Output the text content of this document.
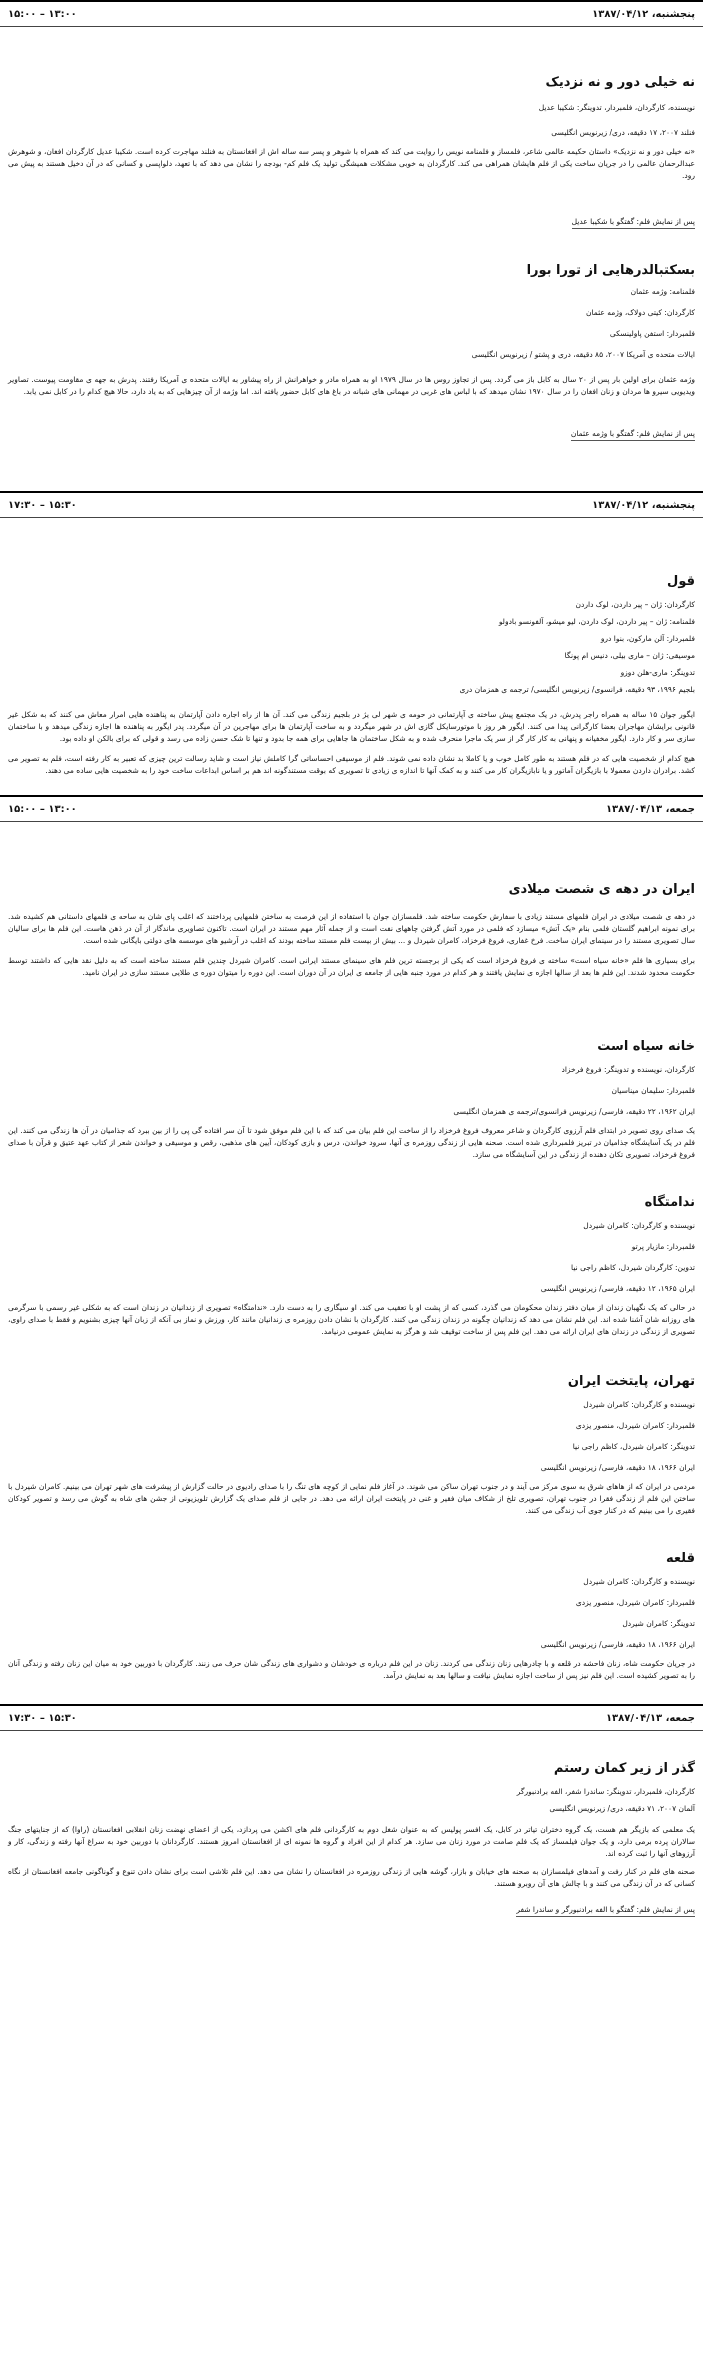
پنجشنبه، ۱۳۸۷/۰۴/۱۲
۱۵:۰۰ – ۱۳:۰۰
نه خیلی دور و نه نزدیک

نویسنده، کارگردان، فلمبردار، تدوینگر: شکیبا عدیل

فنلند ۲۰۰۷، ۱۷ دقیقه، دری/ زیرنویس انگلیسی

«نه خیلی دور و نه نزدیک» داستان حکیمه عالمی شاعر، فلمساز و فلمنامه نویس را روایت می کند که همراه با شوهر و پسر سه ساله اش از افغانستان به فنلند مهاجرت کرده است. شکیبا عدیل کارگردان افغان، و شوهرش عبدالرحمان عالمی را در جریان ساخت یکی از فلم هایشان همراهی می کند. کارگردان به خوبی مشکلات همیشگی تولید یک فلم کم- بودجه را نشان می دهد که با تعهد، دلواپسی و کسانی که در آن دخیل هستند به پیش می رود.

پس از نمایش فلم: گفتگو با شکیبا عدیل
بسکتبالدرهایی از تورا بورا

فلمنامه: وژمه عثمان

کارگردان: کیتی دولاک، وژمه عثمان

فلمبردار: استفن پاولینسکی

ایالات متحده ی آمریکا ۲۰۰۷، ۸۵ دقیقه، دری و پشتو / زیرنویس انگلیسی

وژمه عثمان برای اولین بار پس از ۲۰ سال به کابل باز می گردد. پس از تجاوز روس ها در سال ۱۹۷۹ او به همراه مادر و خواهرانش از راه پیشاور به ایالات متحده ی آمریکا رفتند. پدرش به جهه ی مقاومت پیوست. تصاویر ویدیویی سیرو ها مردان و زنان افغان را در سال ۱۹۷۰ نشان میدهد که با لباس های غربی در مهمانی های شبانه در باغ های کابل حضور یافته اند. اما وژمه از آن چیزهایی که به یاد دارد، حالا هیچ کدام را در کابل نمی یابد.

پس از نمایش فلم: گفتگو با وژمه عثمان
پنجشنبه، ۱۳۸۷/۰۴/۱۲
۱۷:۳۰ – ۱۵:۳۰
قول

کارگردان: ژان – پیر داردن، لوک داردن

فلمنامه: ژان – پیر داردن، لوک داردن، لیو میشو، آلفونسو بادولو

فلمبردار: آلن مارکون، بنوا درو

موسیقی: ژان – ماری بیلی، دنیس ام پونگا

تدوینگر: ماری-هلن دوزو

بلجیم ۱۹۹۶، ۹۳ دقیقه، فرانسوی/ زیرنویس انگلیسی/ ترجمه ی همزمان دری

ایگور جوان ۱۵ ساله به همراه راجر پدرش، در یک مجتمع پیش ساخته ی آپارتمانی در حومه ی شهر لی یژ در بلجیم زندگی می کند. آن ها از راه اجاره دادن آپارتمان به پناهنده هایی امرار معاش می کنند که به شکل غیر قانونی برایشان مهاجران بعضا کارگرانی پیدا می کنند. ایگور هر روز با موتورسایکل گازی اش در شهر میگردد و به ساخت آپارتمان ها برای مهاجرین در آن میگردد. پدر ایگور به پناهنده ها اجازه زندگی میدهد و با ساختمان سازی سر و کار دارد. ایگور مخفیانه و پنهانی به کار کار گر از سر یک ماجرا منحرف شده و به شکل ساختمان ها جاهایی برای همه جا بدود و تنها تا شک حسن زاده می رسد و قولی که برای بالکن او داده بود.

هیچ کدام از شخصیت هایی که در فلم هستند به طور کامل خوب و یا کاملا بد نشان داده نمی شوند. فلم از موسیقی احساساتی گرا کاملش نیاز است و شاید رسالت ترین چیزی که تعبیر به کار رفته است، فلم به تصویر می کشد. برادران داردن معمولا با بازیگران آماتور و یا نابازیگران کار می کنند و به کمک آنها تا اندازه ی زیادی تا تصویری که بوقت مستندگونه اند هم بر اساس ابداعات ساخت خود را به شخصیت هایی ساده می دهند.

جمعه، ۱۳۸۷/۰۴/۱۳
۱۵:۰۰ – ۱۳:۰۰
ایران در دهه ی شصت میلادی

در دهه ی شصت میلادی در ایران فلمهای مستند زیادی با سفارش حکومت ساخته شد. فلمسازان جوان با استفاده از این فرصت به ساختن فلمهایی پرداختند که اغلب پای شان به ساحه ی فلمهای داستانی هم کشیده شد. برای نمونه ابراهیم گلستان فلمی بنام «یک آتش» میسازد که فلمی در مورد آتش گرفتن چاههای نفت است و از جمله آثار مهم مستند در ایران است. تاکنون تصاویری ماندگار از آن در ذهن هاست. این فلم ها برای سالیان سال تصویری مستند را در سینمای ایران ساخت. فرخ غفاری، فروغ فرخزاد، کامران شیردل و ... بیش از بیست فلم مستند ساخته بودند که اغلب در آرشیو های موسسه های دولتی بایگانی شده است.

برای بسیاری ها فلم «خانه سیاه است» ساخته ی فروغ فرخزاد است که یکی از برجسته ترین فلم های سینمای مستند ایرانی است. کامران شیردل چندین فلم مستند ساخته است که به دلیل نقد هایی که داشتند توسط حکومت محدود شدند. این فلم ها بعد از سالها اجازه ی نمایش یافتند و هر کدام در مورد جنبه هایی از جامعه ی ایران در آن دوران است. این دوره را میتوان دوره ی طلایی مستند سازی در ایران نامید.

خانه سیاه است

کارگردان، نویسنده و تدوینگر: فروغ فرخزاد

فلمبردار: سلیمان میناسیان

ایران ۱۹۶۲، ۲۲ دقیقه، فارسی/ زیرنویس فرانسوی/ترجمه ی همزمان انگلیسی

یک صدای روی تصویر در ابتدای فلم آرزوی کارگردان و شاعر معروف فروغ فرخزاد را از ساخت این فلم بیان می کند که با این فلم موفق شود تا آن سر افتاده گی پی را از بین ببرد که جذامیان در آن ها زندگی می کنند. این فلم در یک آسایشگاه جذامیان در تبریز فلمبرداری شده است. صحنه هایی از زندگی روزمره ی آنها، سرود خواندن، درس و بازی کودکان، آیین های مذهبی، رقص و موسیقی و خواندن شعر از کتاب عهد عتیق و قرآن با صدای فروغ فرخزاد، تصویری تکان دهنده از زندگی در این آسایشگاه می سازد.

ندامتگاه

نویسنده و کارگردان: کامران شیردل

فلمبردار: مازیار پرتو

تدوین: کارگردان شیردل، کاظم راجی نیا

ایران ۱۹۶۵، ۱۲ دقیقه، فارسی/ زیرنویس انگلیسی

در حالی که یک نگهبان زندان از میان دفتر زندان محکومان می گذرد، کسی که از پشت او با تعقیب می کند. او سیگاری را به دست دارد. «ندامتگاه» تصویری از زندانیان در زندان است که به شکلی غیر رسمی با سرگرمی های روزانه شان آشنا شده اند. این فلم نشان می دهد که زندانیان چگونه در زندان زندگی می کنند. کارگردان با نشان دادن روزمره ی زندانیان مانند کار، ورزش و نماز بی آنکه از زبان آنها چیزی بشنویم و فقط با صدای راوی، تصویری از زندگی در زندان های ایران ارائه می دهد. این فلم پس از ساخت توقیف شد و هرگز به نمایش عمومی درنیامد.

تهران، پایتخت ایران

نویسنده و کارگردان: کامران شیردل

فلمبردار: کامران شیردل، منصور یزدی

تدوینگر: کامران شیردل، کاظم راجی نیا

ایران ۱۹۶۶، ۱۸ دقیقه، فارسی/ زیرنویس انگلیسی

مردمی در ایران که از هاهای شرق به سوی مرکز می آیند و در جنوب تهران ساکن می شوند. در آغاز فلم نمایی از کوچه های تنگ را با صدای رادیوی در حالت گزارش از پیشرفت های شهر تهران می بینیم. کامران شیردل با ساختن این فلم از زندگی فقرا در جنوب تهران، تصویری تلخ از شکاف میان فقیر و غنی در پایتخت ایران ارائه می دهد. در جایی از فلم صدای یک گزارش تلویزیونی از جشن های شاه به گوش می رسد و تصویر کودکان فقیری را می بینیم که در کنار جوی آب زندگی می کنند.

قلعه

نویسنده و کارگردان: کامران شیردل

فلمبردار: کامران شیردل، منصور یزدی

تدوینگر: کامران شیردل

ایران ۱۹۶۶، ۱۸ دقیقه، فارسی/ زیرنویس انگلیسی

در جریان حکومت شاه، زنان فاحشه در قلعه و با چادرهایی زنان زندگی می کردند. زنان در این فلم درباره ی خودشان و دشواری های زندگی شان حرف می زنند. کارگردان با دوربین خود به میان این زنان رفته و زندگی آنان را به تصویر کشیده است. این فلم نیز پس از ساخت اجازه نمایش نیافت و سالها بعد به نمایش درآمد.

جمعه، ۱۳۸۷/۰۴/۱۳
۱۷:۳۰ – ۱۵:۳۰
گذر از زیر کمان رستم

کارگردان، فلمبردار، تدوینگر: ساندرا شفر، الفه برادنبورگر

آلمان ۲۰۰۷، ۷۱ دقیقه، دری/ زیرنویس انگلیسی

یک معلمی که بازیگر هم هست، یک گروه دختران تیاتر در کابل، یک افسر پولیس که به عنوان شغل دوم به کارگردانی فلم های اکشن می پردازد، یکی از اعضای نهضت زنان انقلابی افغانستان (راوا) که از جنایتهای جنگ سالاران پرده برمی دارد، و یک جوان فیلمساز که یک فلم صامت در مورد زنان می سازد. هر کدام از این افراد و گروه ها نمونه ای از افغانستان امروز هستند. کارگردانان با دوربین خود به سراغ آنها رفته و زندگی، کار و آرزوهای آنها را ثبت کرده اند.

صحنه های فلم در کنار رفت و آمدهای فیلمسازان به صحنه های خیابان و بازار، گوشه هایی از زندگی روزمره در افغانستان را نشان می دهد. این فلم تلاشی است برای نشان دادن تنوع و گوناگونی جامعه افغانستان از نگاه کسانی که در آن زندگی می کنند و با چالش های آن روبرو هستند.

پس از نمایش فلم: گفتگو با الفه برادنبورگر و ساندرا شفر
